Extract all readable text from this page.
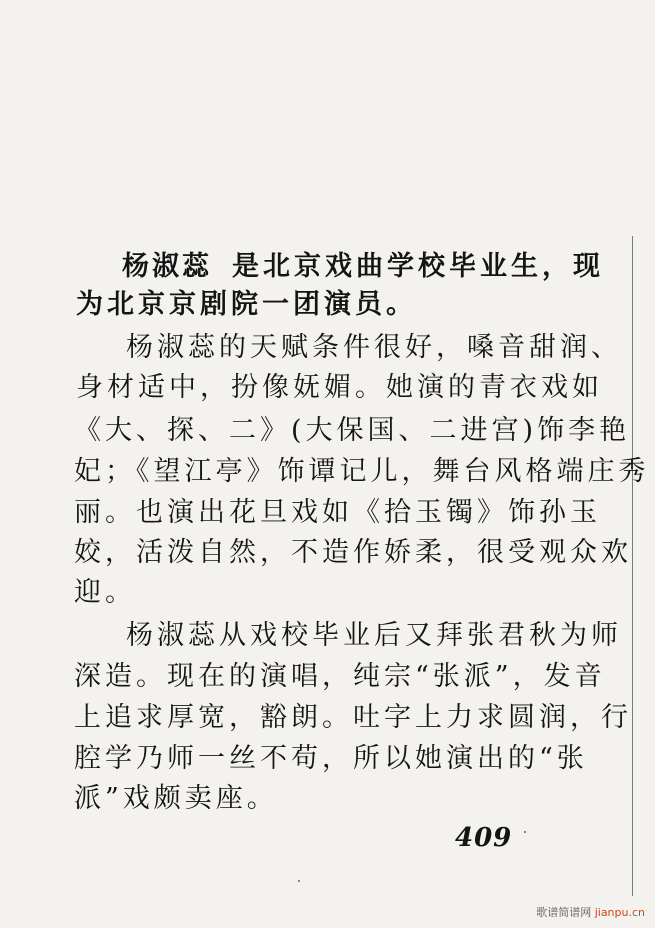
杨淑蕊 是北京戏曲学校毕业生，现
为北京京剧院一团演员。
杨淑蕊的天赋条件很好，嗓音甜润、
身材适中，扮像妩媚。她演的青衣戏如
《大、探、二》(大保国、二进宫)饰李艳
妃；《望江亭》饰谭记儿，舞台风格端庄秀
丽。也演出花旦戏如《拾玉镯》饰孙玉
姣，活泼自然，不造作娇柔，很受观众欢
迎。
杨淑蕊从戏校毕业后又拜张君秋为师
深造。现在的演唱，纯宗“张派”，发音
上追求厚宽，豁朗。吐字上力求圆润，行
腔学乃师一丝不苟，所以她演出的“张
派”戏颇卖座。
409
歌谱简谱网 jianpu.cn
